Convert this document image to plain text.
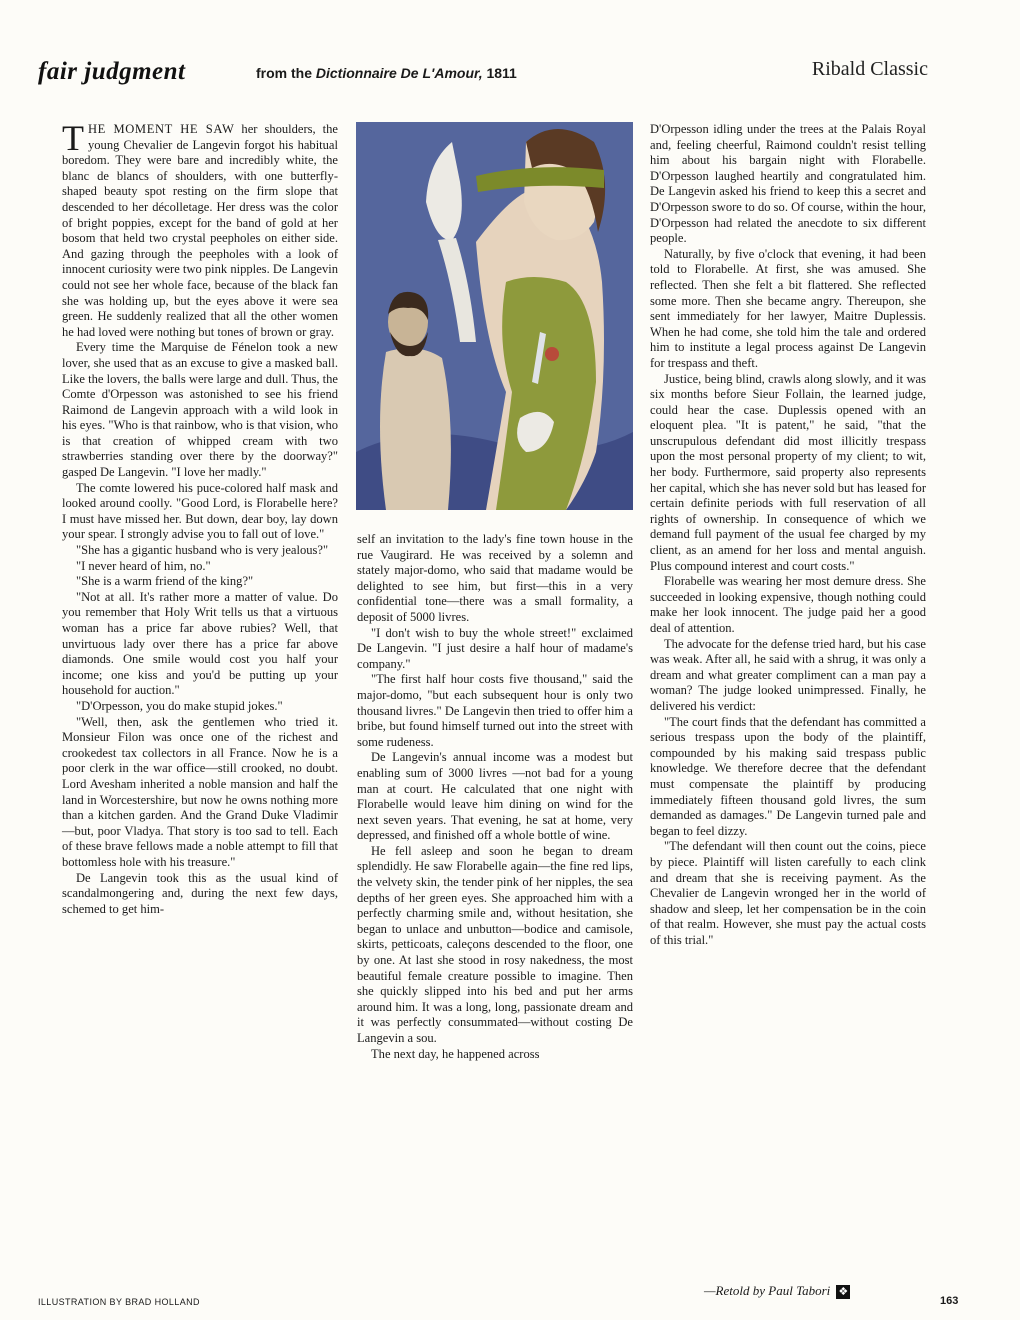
fair judgment	from the Dictionnaire De L'Amour, 1811	Ribald Classic

THE MOMENT HE SAW her shoulders, the young Chevalier de Langevin forgot his habitual boredom. They were bare and incredibly white, the blanc de blancs of shoulders, with one butterfly-shaped beauty spot resting on the firm slope that descended to her décolletage. Her dress was the color of bright poppies, except for the band of gold at her bosom that held two crystal peepholes on either side. And gazing through the peepholes with a look of innocent curiosity were two pink nipples. De Langevin could not see her whole face, because of the black fan she was holding up, but the eyes above it were sea green. He suddenly realized that all the other women he had loved were nothing but tones of brown or gray.

Every time the Marquise de Fénelon took a new lover, she used that as an excuse to give a masked ball. Like the lovers, the balls were large and dull. Thus, the Comte d'Orpesson was astonished to see his friend Raimond de Langevin approach with a wild look in his eyes. "Who is that rainbow, who is that vision, who is that creation of whipped cream with two strawberries standing over there by the doorway?" gasped De Langevin. "I love her madly."

The comte lowered his puce-colored half mask and looked around coolly. "Good Lord, is Florabelle here? I must have missed her. But down, dear boy, lay down your spear. I strongly advise you to fall out of love."

"She has a gigantic husband who is very jealous?"

"I never heard of him, no."

"She is a warm friend of the king?"

"Not at all. It's rather more a matter of value. Do you remember that Holy Writ tells us that a virtuous woman has a price far above rubies? Well, that unvirtuous lady over there has a price far above diamonds. One smile would cost you half your income; one kiss and you'd be putting up your household for auction."

"D'Orpesson, you do make stupid jokes."

"Well, then, ask the gentlemen who tried it. Monsieur Filon was once one of the richest and crookedest tax collectors in all France. Now he is a poor clerk in the war office—still crooked, no doubt. Lord Avesham inherited a noble mansion and half the land in Worcestershire, but now he owns nothing more than a kitchen garden. And the Grand Duke Vladimir—but, poor Vladya. That story is too sad to tell. Each of these brave fellows made a noble attempt to fill that bottomless hole with his treasure."

De Langevin took this as the usual kind of scandalmongering and, during the next few days, schemed to get him-

self an invitation to the lady's fine town house in the rue Vaugirard. He was received by a solemn and stately major-domo, who said that madame would be delighted to see him, but first—this in a very confidential tone—there was a small formality, a deposit of 5000 livres.

"I don't wish to buy the whole street!" exclaimed De Langevin. "I just desire a half hour of madame's company."

"The first half hour costs five thousand," said the major-domo, "but each subsequent hour is only two thousand livres." De Langevin then tried to offer him a bribe, but found himself turned out into the street with some rudeness.

De Langevin's annual income was a modest but enabling sum of 3000 livres —not bad for a young man at court. He calculated that one night with Florabelle would leave him dining on wind for the next seven years. That evening, he sat at home, very depressed, and finished off a whole bottle of wine.

He fell asleep and soon he began to dream splendidly. He saw Florabelle again—the fine red lips, the velvety skin, the tender pink of her nipples, the sea depths of her green eyes. She approached him with a perfectly charming smile and, without hesitation, she began to unlace and unbutton—bodice and camisole, skirts, petticoats, caleçons descended to the floor, one by one. At last she stood in rosy nakedness, the most beautiful female creature possible to imagine. Then she quickly slipped into his bed and put her arms around him. It was a long, long, passionate dream and it was perfectly consummated—without costing De Langevin a sou.

The next day, he happened across

D'Orpesson idling under the trees at the Palais Royal and, feeling cheerful, Raimond couldn't resist telling him about his bargain night with Florabelle. D'Orpesson laughed heartily and congratulated him. De Langevin asked his friend to keep this a secret and D'Orpesson swore to do so. Of course, within the hour, D'Orpesson had related the anecdote to six different people.

Naturally, by five o'clock that evening, it had been told to Florabelle. At first, she was amused. She reflected. Then she felt a bit flattered. She reflected some more. Then she became angry. Thereupon, she sent immediately for her lawyer, Maitre Duplessis. When he had come, she told him the tale and ordered him to institute a legal process against De Langevin for trespass and theft.

Justice, being blind, crawls along slowly, and it was six months before Sieur Follain, the learned judge, could hear the case. Duplessis opened with an eloquent plea. "It is patent," he said, "that the unscrupulous defendant did most illicitly trespass upon the most personal property of my client; to wit, her body. Furthermore, said property also represents her capital, which she has never sold but has leased for certain definite periods with full reservation of all rights of ownership. In consequence of which we demand full payment of the usual fee charged by my client, as an amend for her loss and mental anguish. Plus compound interest and court costs."

Florabelle was wearing her most demure dress. She succeeded in looking expensive, though nothing could make her look innocent. The judge paid her a good deal of attention.

The advocate for the defense tried hard, but his case was weak. After all, he said with a shrug, it was only a dream and what greater compliment can a man pay a woman? The judge looked unimpressed. Finally, he delivered his verdict:

"The court finds that the defendant has committed a serious trespass upon the body of the plaintiff, compounded by his making said trespass public knowledge. We therefore decree that the defendant must compensate the plaintiff by producing immediately fifteen thousand gold livres, the sum demanded as damages." De Langevin turned pale and began to feel dizzy.

"The defendant will then count out the coins, piece by piece. Plaintiff will listen carefully to each clink and dream that she is receiving payment. As the Chevalier de Langevin wronged her in the world of shadow and sleep, let her compensation be in the coin of that realm. However, she must pay the actual costs of this trial."

—Retold by Paul Tabori ❖
163
ILLUSTRATION BY BRAD HOLLAND
